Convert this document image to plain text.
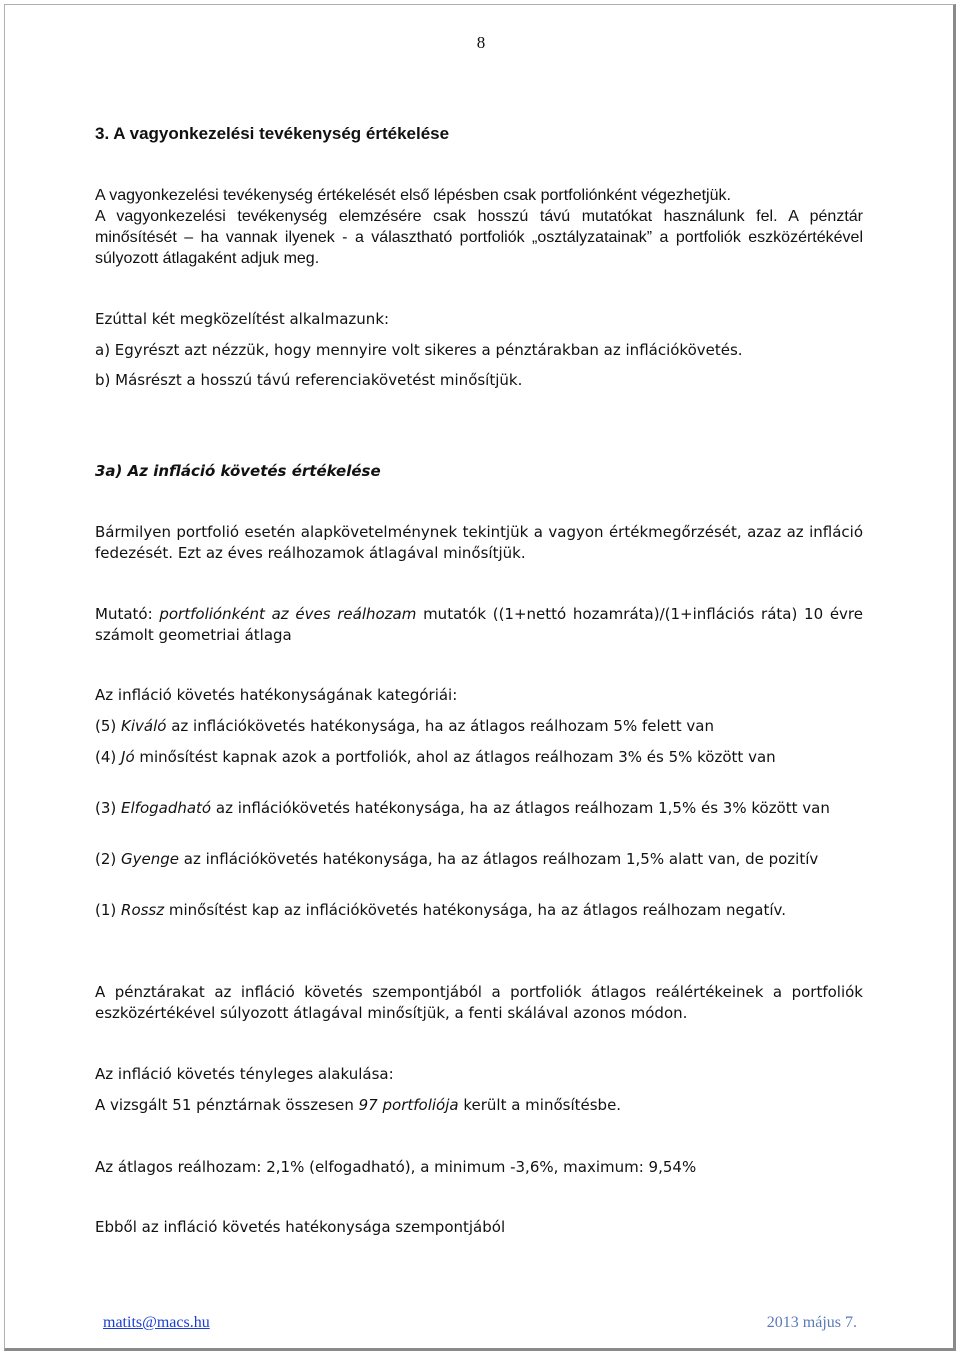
8
3. A vagyonkezelési tevékenység értékelése

A vagyonkezelési tevékenység értékelését első lépésben csak portfoliónként végezhetjük.

A vagyonkezelési tevékenység elemzésére csak hosszú távú mutatókat használunk fel. A pénztár minősítését – ha vannak ilyenek - a választható portfoliók „osztályzatainak” a portfoliók eszközértékével súlyozott átlagaként adjuk meg.

Ezúttal két megközelítést alkalmazunk:

a) Egyrészt azt nézzük, hogy mennyire volt sikeres a pénztárakban az inflációkövetés.

b) Másrészt a hosszú távú referenciakövetést minősítjük.

3a) Az infláció követés értékelése

Bármilyen portfolió esetén alapkövetelménynek tekintjük a vagyon értékmegőrzését, azaz az infláció fedezését. Ezt az éves reálhozamok átlagával minősítjük.

Mutató: portfoliónként az éves reálhozam mutatók ((1+nettó hozamráta)/(1+inflációs ráta) 10 évre számolt geometriai átlaga

Az infláció követés hatékonyságának kategóriái:

(5) Kiváló az inflációkövetés hatékonysága, ha az átlagos reálhozam 5% felett van

(4) Jó minősítést kapnak azok a portfoliók, ahol az átlagos reálhozam 3% és 5% között van

(3) Elfogadható az inflációkövetés hatékonysága, ha az átlagos reálhozam 1,5% és 3% között van

(2) Gyenge az inflációkövetés hatékonysága, ha az átlagos reálhozam 1,5% alatt van, de pozitív

(1) Rossz minősítést kap az inflációkövetés hatékonysága, ha az átlagos reálhozam negatív.

A pénztárakat az infláció követés szempontjából a portfoliók átlagos reálértékeinek a portfoliók eszközértékével súlyozott átlagával minősítjük, a fenti skálával azonos módon.

Az infláció követés tényleges alakulása:

A vizsgált 51 pénztárnak összesen 97 portfoliója került a minősítésbe.

Az átlagos reálhozam: 2,1% (elfogadható), a minimum -3,6%, maximum: 9,54%

Ebből az infláció követés hatékonysága szempontjából

matits@macs.hu	2013 május 7.
